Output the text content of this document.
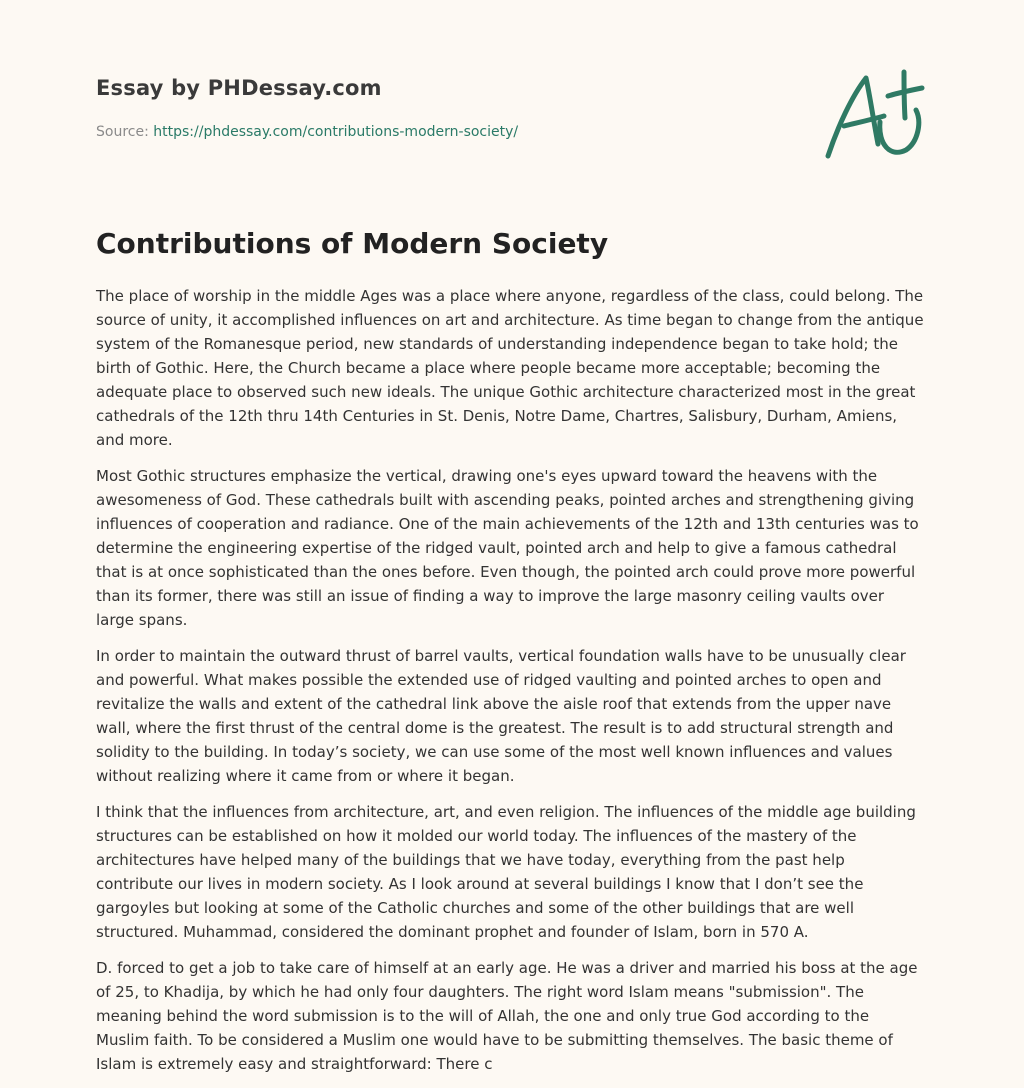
Essay by PHDessay.com
Source: https://phdessay.com/contributions-modern-society/
Contributions of Modern Society

The place of worship in the middle Ages was a place where anyone, regardless of the class, could belong. The source of unity, it accomplished influences on art and architecture. As time began to change from the antique system of the Romanesque period, new standards of understanding independence began to take hold; the birth of Gothic. Here, the Church became a place where people became more acceptable; becoming the adequate place to observed such new ideals. The unique Gothic architecture characterized most in the great cathedrals of the 12th thru 14th Centuries in St. Denis, Notre Dame, Chartres, Salisbury, Durham, Amiens, and more.

Most Gothic structures emphasize the vertical, drawing one's eyes upward toward the heavens with the awesomeness of God. These cathedrals built with ascending peaks, pointed arches and strengthening giving influences of cooperation and radiance. One of the main achievements of the 12th and 13th centuries was to determine the engineering expertise of the ridged vault, pointed arch and help to give a famous cathedral that is at once sophisticated than the ones before. Even though, the pointed arch could prove more powerful than its former, there was still an issue of finding a way to improve the large masonry ceiling vaults over large spans.

In order to maintain the outward thrust of barrel vaults, vertical foundation walls have to be unusually clear and powerful. What makes possible the extended use of ridged vaulting and pointed arches to open and revitalize the walls and extent of the cathedral link above the aisle roof that extends from the upper nave wall, where the first thrust of the central dome is the greatest. The result is to add structural strength and solidity to the building. In today’s society, we can use some of the most well known influences and values without realizing where it came from or where it began.

I think that the influences from architecture, art, and even religion. The influences of the middle age building structures can be established on how it molded our world today. The influences of the mastery of the architectures have helped many of the buildings that we have today, everything from the past help contribute our lives in modern society. As I look around at several buildings I know that I don’t see the gargoyles but looking at some of the Catholic churches and some of the other buildings that are well structured. Muhammad, considered the dominant prophet and founder of Islam, born in 570 A.

D. forced to get a job to take care of himself at an early age. He was a driver and married his boss at the age of 25, to Khadija, by which he had only four daughters. The right word Islam means "submission". The meaning behind the word submission is to the will of Allah, the one and only true God according to the Muslim faith. To be considered a Muslim one would have to be submitting themselves. The basic theme of Islam is extremely easy and straightforward: There c
